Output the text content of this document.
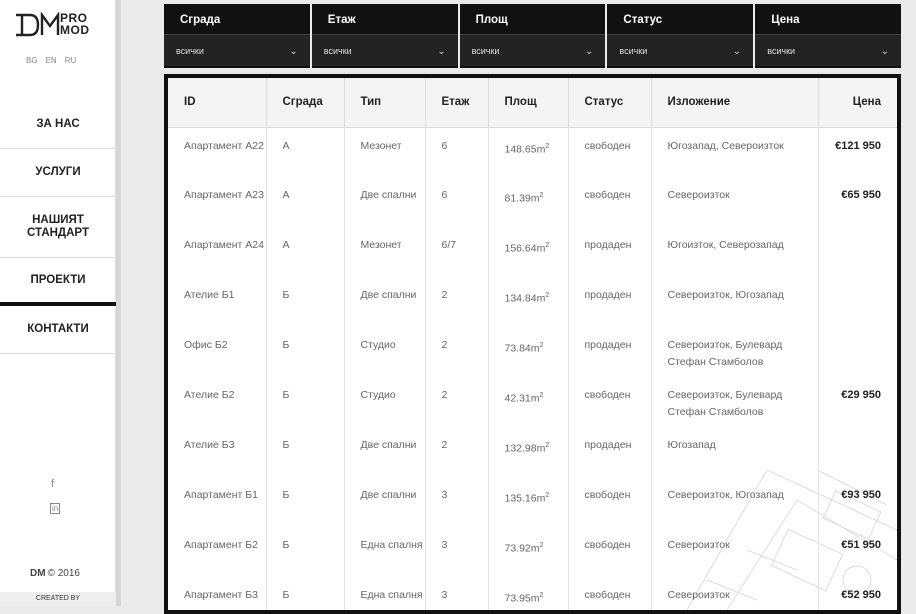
PRO
MOD
BG EN RU
ЗА НАС
УСЛУГИ
НАШИЯТ СТАНДАРТ
ПРОЕКТИ
КОНТАКТИ
f
in
DM © 2016
CREATED BY
Сграда
всички	⌄
Етаж
всички	⌄
Площ
всички	⌄
Статус
всички	⌄
Цена
всички	⌄
ID	Сграда	Тип	Етаж	Площ	Статус	Изложение	Цена
Апартамент А22	А	Мезонет	6	$148.65m^2$	свободен	Югозапад, Североизток	€121 950
Апартамент А23	А	Две спални	6	$81.39m^2$	свободен	Североизток	€65 950
Апартамент А24	А	Мезонет	6/7	$156.64m^2$	продаден	Югоизток, Северозапад	
Ателие Б1	Б	Две спални	2	$134.84m^2$	продаден	Североизток, Югозапад	
Офис Б2	Б	Студио	2	$73.84m^2$	продаден	Североизток, Булевард Стефан Стамболов	
Ателие Б2	Б	Студио	2	$42.31m^2$	свободен	Североизток, Булевард Стефан Стамболов	€29 950
Ателие Б3	Б	Две спални	2	$132.98m^2$	продаден	Югозапад	
Апартамент Б1	Б	Две спални	3	$135.16m^2$	свободен	Североизток, Югозапад	€93 950
Апартамент Б2	Б	Една спалня	3	$73.92m^2$	свободен	Североизток	€51 950
Апартамент Б3	Б	Една спалня	3	$73.95m^2$	свободен	Североизток	€52 950
